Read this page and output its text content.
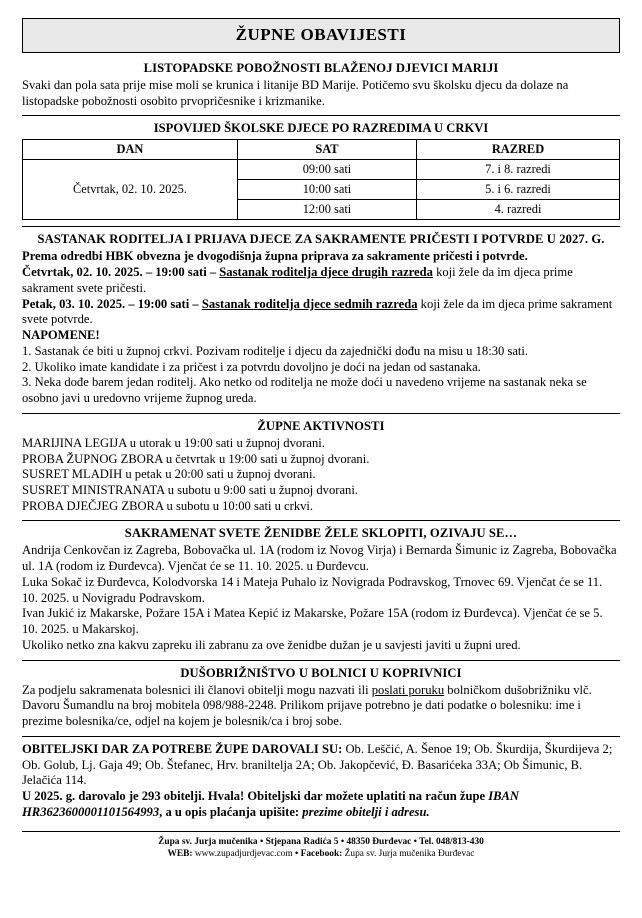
ŽUPNE OBAVIJESTI
LISTOPADSKE POBOŽNOSTI BLAŽENOJ DJEVICI MARIJI

Svaki dan pola sata prije mise moli se krunica i litanije BD Marije. Potičemo svu školsku djecu da dolaze na listopadske pobožnosti osobito prvopričesnike i krizmanike.

ISPOVIJED ŠKOLSKE DJECE PO RAZREDIMA U CRKVI
DAN	SAT	RAZRED
Četvrtak, 02. 10. 2025.	09:00 sati	7. i 8. razredi
	10:00 sati	5. i 6. razredi
	12:00 sati	4. razredi
SASTANAK RODITELJA I PRIJAVA DJECE ZA SAKRAMENTE PRIČESTI I POTVRDE U 2027. G.
Prema odredbi HBK obvezna je dvogodišnja župna priprava za sakramente pričesti i potvrde.
Četvrtak, 02. 10. 2025. – 19:00 sati – Sastanak roditelja djece drugih razreda koji žele da im djeca prime sakrament svete pričesti.
Petak, 03. 10. 2025. – 19:00 sati – Sastanak roditelja djece sedmih razreda koji žele da im djeca prime sakrament svete potvrde.
NAPOMENE!
1. Sastanak će biti u župnoj crkvi. Pozivam roditelje i djecu da zajednički dođu na misu u 18:30 sati.
2. Ukoliko imate kandidate i za pričest i za potvrdu dovoljno je doći na jedan od sastanaka.
3. Neka dođe barem jedan roditelj. Ako netko od roditelja ne može doći u navedeno vrijeme na sastanak neka se osobno javi u uredovno vrijeme župnog ureda.
ŽUPNE AKTIVNOSTI
MARIJINA LEGIJA u utorak u 19:00 sati u župnoj dvorani.
PROBA ŽUPNOG ZBORA u četvrtak u 19:00 sati u župnoj dvorani.
SUSRET MLADIH u petak u 20:00 sati u župnoj dvorani.
SUSRET MINISTRANATA u subotu u 9:00 sati u župnoj dvorani.
PROBA DJEČJEG ZBORA u subotu u 10:00 sati u crkvi.
SAKRAMENAT SVETE ŽENIDBE ŽELE SKLOPITI, OZIVAJU SE…
Andrija Cenkovčan iz Zagreba, Bobovačka ul. 1A (rodom iz Novog Virja) i Bernarda Šimunic iz Zagreba, Bobovačka ul. 1A (rodom iz Đurđevca). Vjenčat će se 11. 10. 2025. u Đurđevcu.
Luka Sokač iz Đurđevca, Kolodvorska 14 i Mateja Puhalo iz Novigrada Podravskog, Trnovec 69. Vjenčat će se 11. 10. 2025. u Novigradu Podravskom.
Ivan Jukić iz Makarske, Požare 15A i Matea Kepić iz Makarske, Požare 15A (rodom iz Đurđevca). Vjenčat će se 5. 10. 2025. u Makarskoj.
Ukoliko netko zna kakvu zapreku ili zabranu za ove ženidbe dužan je u savjesti javiti u župni ured.
DUŠOBRIŽNIŠTVO U BOLNICI U KOPRIVNICI
Za podjelu sakramenata bolesnici ili članovi obitelji mogu nazvati ili poslati poruku bolničkom dušobrižniku vlč. Davoru Šumandlu na broj mobitela 098/988-2248. Prilikom prijave potrebno je dati podatke o bolesniku: ime i prezime bolesnika/ce, odjel na kojem je bolesnik/ca i broj sobe.
OBITELJSKI DAR ZA POTREBE ŽUPE DAROVALI SU: Ob. Leščić, A. Šenoe 19; Ob. Škurdija, Škurdijeva 2; Ob. Golub, Lj. Gaja 49; Ob. Štefanec, Hrv. braniltelja 2A; Ob. Jakopčević, Đ. Basarićeka 33A; Ob Šimunic, B. Jelačića 114.
U 2025. g. darovalo je 293 obitelji. Hvala! Obiteljski dar možete uplatiti na račun župe IBAN HR3623600001101564993, a u opis plaćanja upišite: prezime obitelji i adresu.
Župa sv. Jurja mučenika • Stjepana Radića 5 • 48350 Đurđevac • Tel. 048/813-430
WEB: www.zupadjurdjevac.com • Facebook: Župa sv. Jurja mučenika Đurđevac
